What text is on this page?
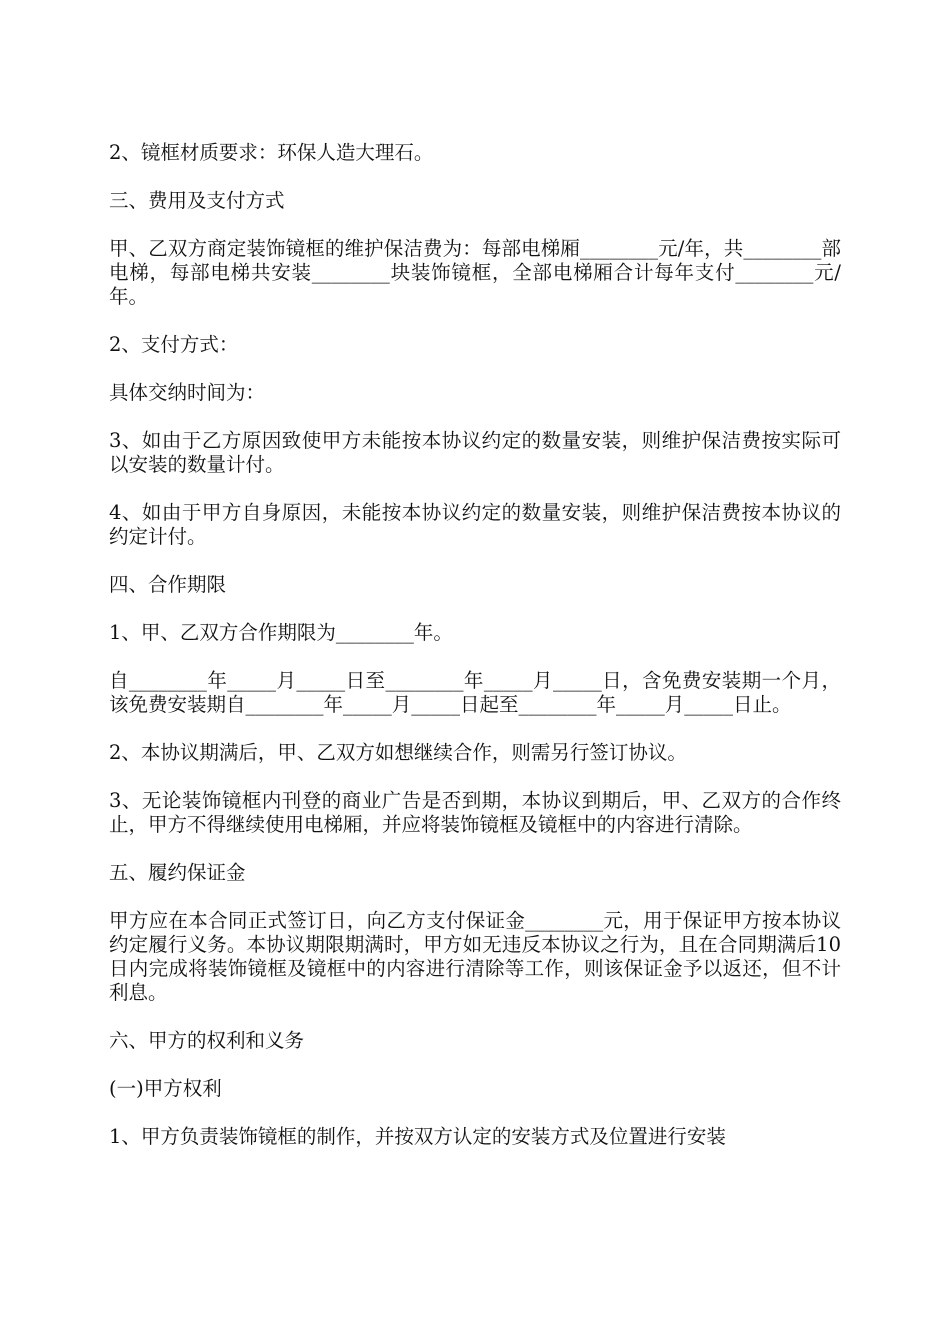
2、镜框材质要求：环保人造大理石。

三、费用及支付方式

甲、乙双方商定装饰镜框的维护保洁费为：每部电梯厢________元/年，共________部电梯，每部电梯共安装________块装饰镜框，全部电梯厢合计每年支付________元/年。

2、支付方式：

具体交纳时间为：

3、如由于乙方原因致使甲方未能按本协议约定的数量安装，则维护保洁费按实际可以安装的数量计付。

4、如由于甲方自身原因，未能按本协议约定的数量安装，则维护保洁费按本协议的约定计付。

四、合作期限

1、甲、乙双方合作期限为________年。

自________年_____月_____日至________年_____月_____日，含免费安装期一个月，该免费安装期自________年_____月_____日起至________年_____月_____日止。

2、本协议期满后，甲、乙双方如想继续合作，则需另行签订协议。

3、无论装饰镜框内刊登的商业广告是否到期，本协议到期后，甲、乙双方的合作终止，甲方不得继续使用电梯厢，并应将装饰镜框及镜框中的内容进行清除。

五、履约保证金

甲方应在本合同正式签订日，向乙方支付保证金________元，用于保证甲方按本协议约定履行义务。本协议期限期满时，甲方如无违反本协议之行为，且在合同期满后10日内完成将装饰镜框及镜框中的内容进行清除等工作，则该保证金予以返还，但不计利息。

六、甲方的权利和义务

(一)甲方权利

1、甲方负责装饰镜框的制作，并按双方认定的安装方式及位置进行安装
